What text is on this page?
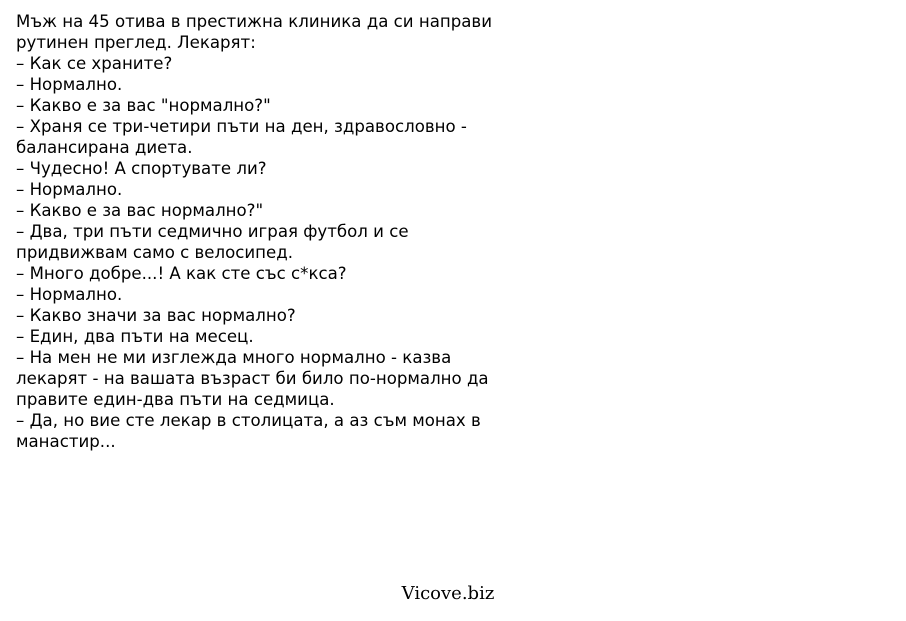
Мъж на 45 отива в престижна клиника да си направи
рутинен преглед. Лекарят:
– Как се храните?
– Нормално.
– Какво е за вас "нормално?"
– Храня се три-четири пъти на ден, здравословно -
балансирана диета.
– Чудесно! А спортувате ли?
– Нормално.
– Какво е за вас нормално?"
– Два, три пъти седмично играя футбол и се
придвижвам само с велосипед.
– Много добре...! А как сте със с*кса?
– Нормално.
– Какво значи за вас нормално?
– Един, два пъти на месец.
– На мен не ми изглежда много нормално - казва
лекарят - на вашата възраст би било по-нормално да
правите един-два пъти на седмица.
– Да, но вие сте лекар в столицата, а аз съм монах в
манастир...
Vicove.biz
